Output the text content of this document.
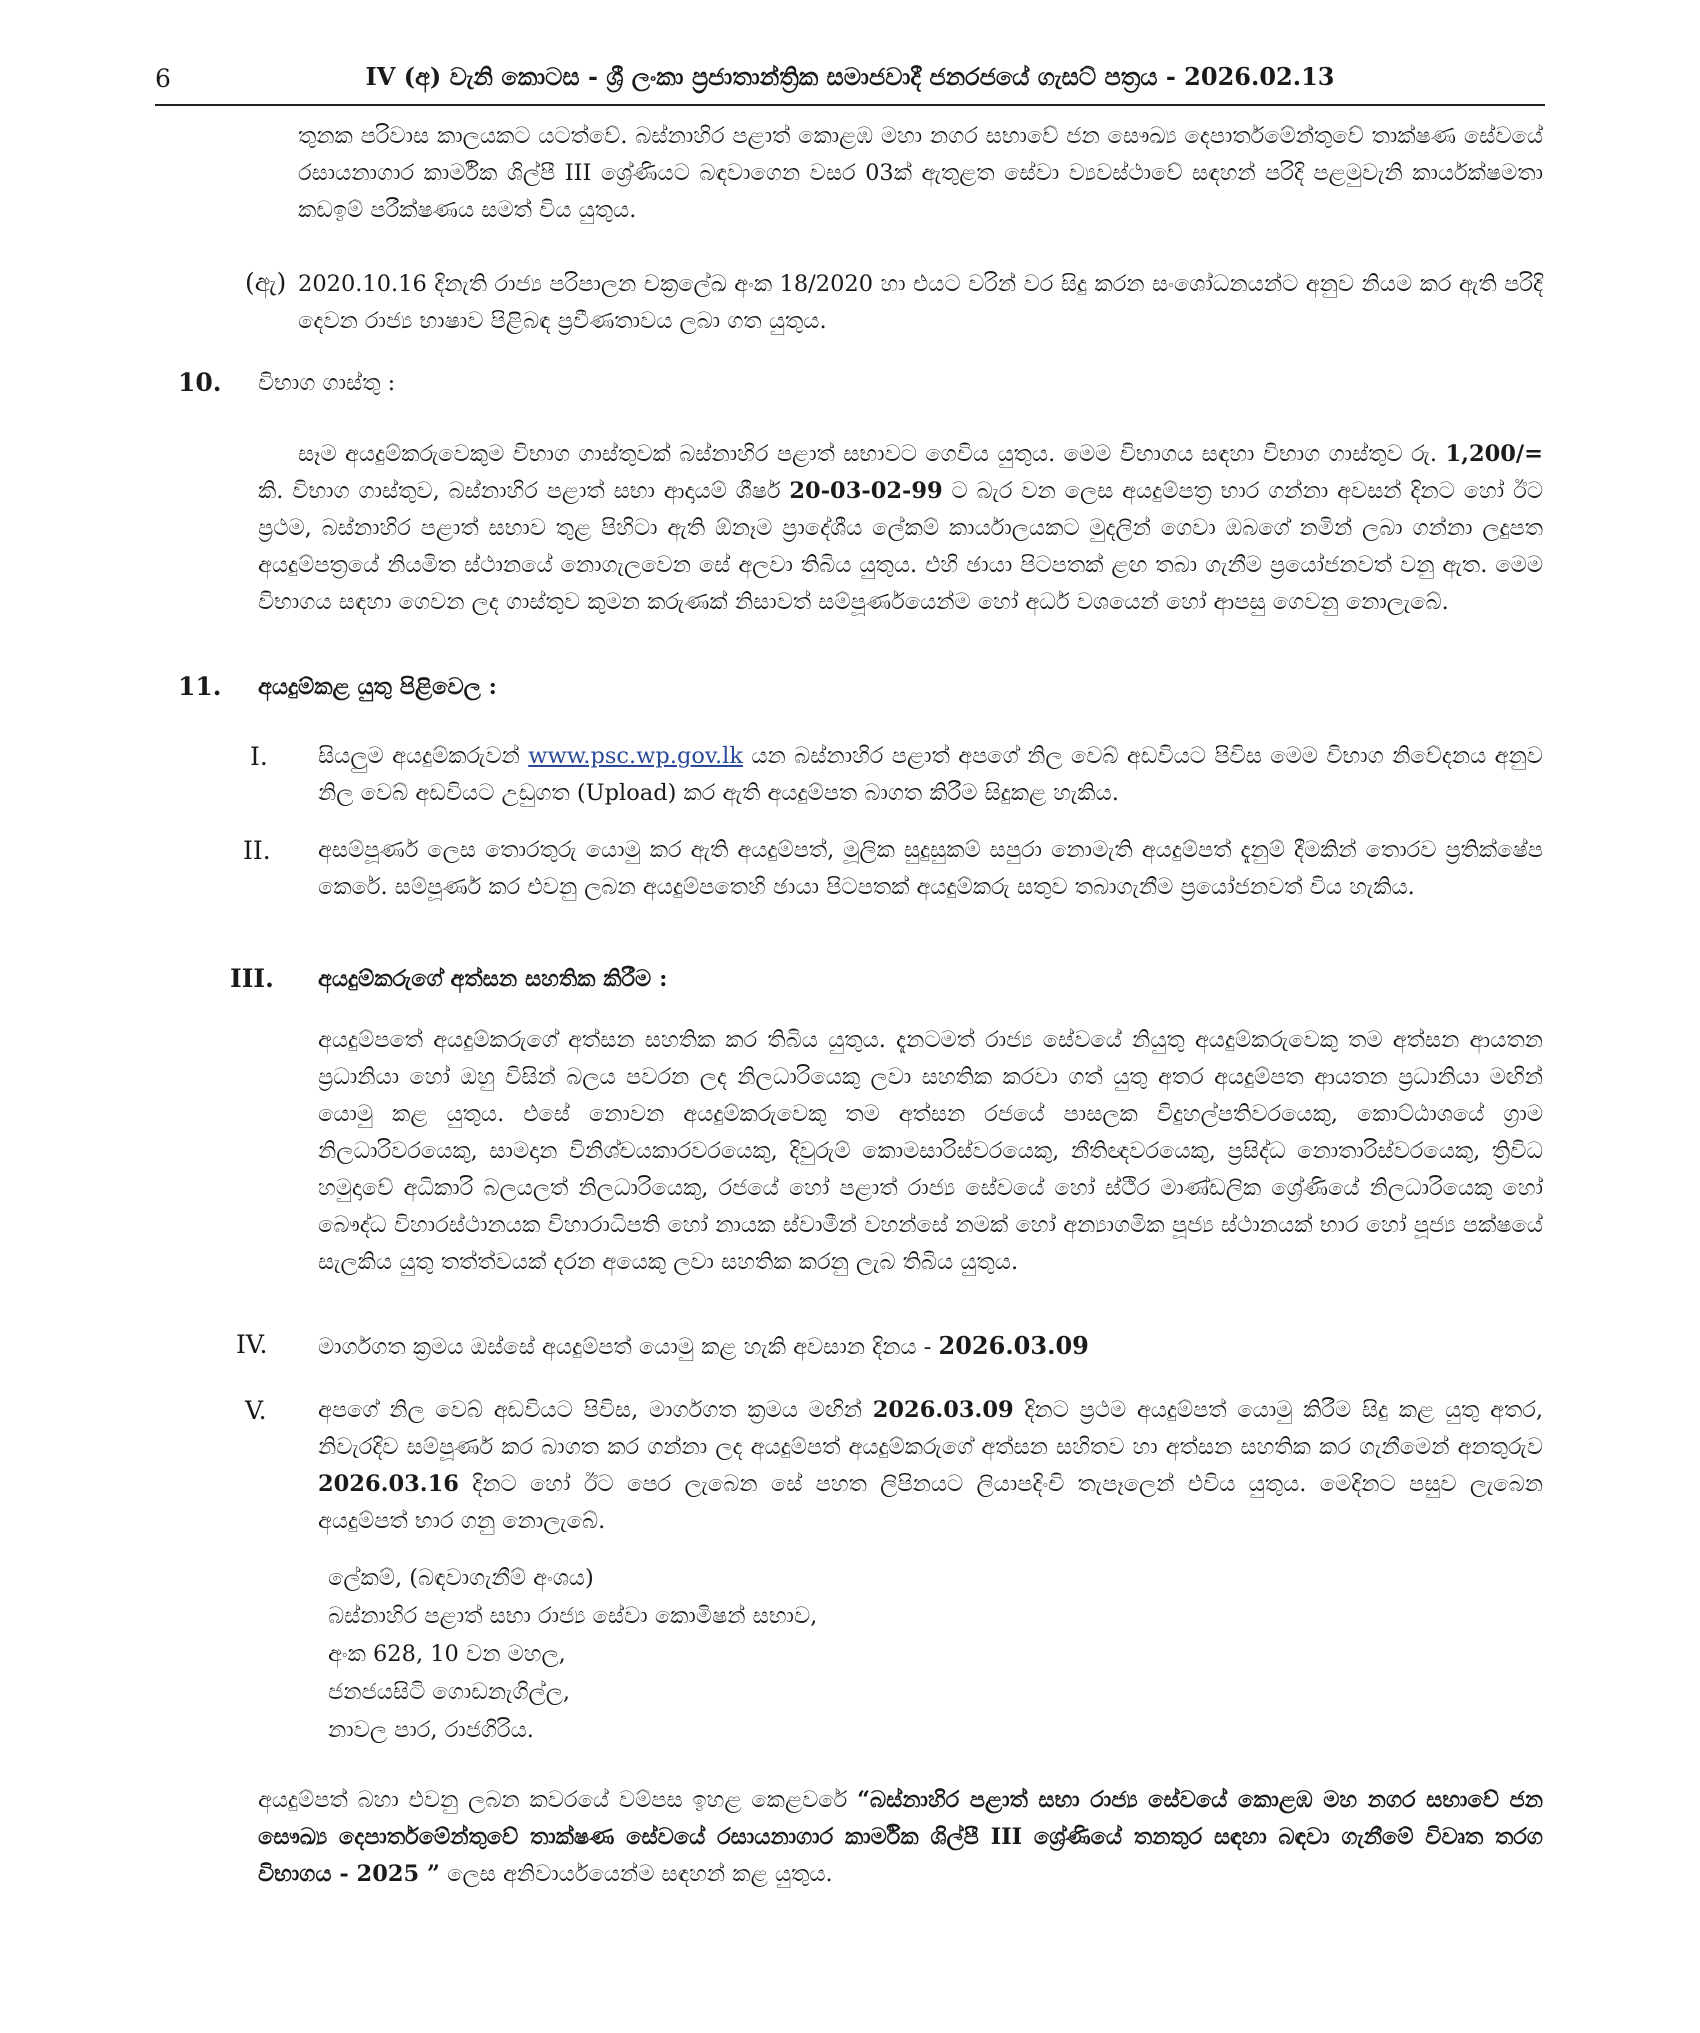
6	IV (අ) වැනි කොටස - ශ්‍රී ලංකා ප්‍රජාතාන්ත්‍රික සමාජවාදී ජනරජයේ ගැසට් පත්‍රය - 2026.02.13
තුනක පරිවාස කාලයකට යටත්වේ. බස්නාහිර පළාත් කොළඹ මහා නගර සභාවේ ජන සෞඛ්‍ය දෙපාර්තමේන්තුවේ තාක්ෂණ සේවයේ රසායනාගාර කාර්මික ශිල්පී III ශ්‍රේණියට බඳවාගෙන වසර 03ක් ඇතුළත සේවා ව්‍යවස්ථාවේ සඳහන් පරිදි පළමුවැනි කාර්යක්ෂමතා කඩඉම් පරීක්ෂණය සමත් විය යුතුය.
(ඇ) 2020.10.16 දිනැති රාජ්‍ය පරිපාලන චක්‍රලේඛ අංක 18/2020 හා එයට වරින් වර සිදු කරන සංශෝධනයන්ට අනුව නියම කර ඇති පරිදි දෙවන රාජ්‍ය භාෂාව පිළිබඳ ප්‍රවීණතාවය ලබා ගත යුතුය.
10. විභාග ගාස්තු :
සෑම අයදුම්කරුවෙකුම විභාග ගාස්තුවක් බස්නාහිර පළාත් සභාවට ගෙවිය යුතුය. මෙම විභාගය සඳහා විභාග ගාස්තුව රු. 1,200/= කි. විභාග ගාස්තුව, බස්නාහිර පළාත් සභා ආදායම් ශීර්ෂ 20-03-02-99 ට බැර වන ලෙස අයදුම්පත්‍ර භාර ගන්නා අවසන් දිනට හෝ ඊට ප්‍රථම, බස්නාහිර පළාත් සභාව තුළ පිහිටා ඇති ඕනෑම ප්‍රාදේශීය ලේකම් කාර්යාලයකට මුදලින් ගෙවා ඔබගේ නමින් ලබා ගන්නා ලදුපත අයදුම්පත්‍රයේ නියමිත ස්ථානයේ නොගැලවෙන සේ අලවා තිබිය යුතුය. එහි ඡායා පිටපතක් ළඟ තබා ගැනීම ප්‍රයෝජනවත් වනු ඇත. මෙම විභාගය සඳහා ගෙවන ලද ගාස්තුව කුමන කරුණක් නිසාවත් සම්පූර්ණයෙන්ම හෝ අර්ධ වශයෙන් හෝ ආපසු ගෙවනු නොලැබේ.
11. අයදුම්කළ යුතු පිළිවෙල :
I. සියලුම අයදුම්කරුවන් www.psc.wp.gov.lk යන බස්නාහිර පළාත් අපගේ නිල වෙබ් අඩවියට පිවිස මෙම විභාග නිවේදනය අනුව නිල වෙබ් අඩවියට උඩුගත (Upload) කර ඇති අයදුම්පත බාගත කිරීම සිදුකළ හැකිය.
II. අසම්පූර්ණ ලෙස තොරතුරු යොමු කර ඇති අයදුම්පත්, මූලික සුදුසුකම් සපුරා නොමැති අයදුම්පත් දැනුම් දීමකින් තොරව ප්‍රතික්ෂේප කෙරේ. සම්පූර්ණ කර එවනු ලබන අයදුම්පතෙහි ඡායා පිටපතක් අයදුම්කරු සතුව තබාගැනීම ප්‍රයෝජනවත් විය හැකිය.
III. අයදුම්කරුගේ අත්සන සහතික කිරීම :
අයදුම්පතේ අයදුම්කරුගේ අත්සන සහතික කර තිබිය යුතුය. දැනටමත් රාජ්‍ය සේවයේ නියුතු අයදුම්කරුවෙකු තම අත්සන ආයතන ප්‍රධානියා හෝ ඔහු විසින් බලය පවරන ලද නිලධාරියෙකු ලවා සහතික කරවා ගත් යුතු අතර අයදුම්පත ආයතන ප්‍රධානියා මඟින් යොමු කළ යුතුය. එසේ නොවන අයදුම්කරුවෙකු තම අත්සන රජයේ පාසලක විදුහල්පතිවරයෙකු, කොට්ඨාශයේ ග්‍රාම නිලධාරිවරයෙකු, සාමදාන විනිශ්චයකාරවරයෙකු, දිවුරුම් කොමසාරිස්වරයෙකු, නීතිඥවරයෙකු, ප්‍රසිද්ධ නොතාරිස්වරයෙකු, ත්‍රිවිධ හමුදාවේ අධිකාරි බලයලත් නිලධාරියෙකු, රජයේ හෝ පළාත් රාජ්‍ය සේවයේ හෝ ස්ථිර මාණ්ඩලික ශ්‍රේණියේ නිලධාරියෙකු හෝ බෞද්ධ විහාරස්ථානයක විහාරාධිපති හෝ නායක ස්වාමීන් වහන්සේ නමක් හෝ අන්‍යාගමික පූජ්‍ය ස්ථානයක් භාර හෝ පූජ්‍ය පක්ෂයේ සැලකිය යුතු තත්ත්වයක් දරන අයෙකු ලවා සහතික කරනු ලැබ තිබිය යුතුය.
IV. මාර්ගගත ක්‍රමය ඔස්සේ අයදුම්පත් යොමු කළ හැකි අවසාන දිනය - 2026.03.09
V. අපගේ නිල වෙබ් අඩවියට පිවිස, මාර්ගගත ක්‍රමය මඟින් 2026.03.09 දිනට ප්‍රථම අයදුම්පත් යොමු කිරීම සිදු කළ යුතු අතර, නිවැරදිව සම්පූර්ණ කර බාගත කර ගන්නා ලද අයදුම්පත් අයදුම්කරුගේ අත්සන සහිතව හා අත්සන සහතික කර ගැනීමෙන් අනතුරුව 2026.03.16 දිනට හෝ ඊට පෙර ලැබෙන සේ පහත ලිපිනයට ලියාපදිංචි තැපෑලෙන් එවිය යුතුය. මෙදිනට පසුව ලැබෙන අයදුම්පත් භාර ගනු නොලැබේ.
ලේකම්, (බඳවාගැනීම් අංශය)
බස්නාහිර පළාත් සභා රාජ්‍ය සේවා කොමිෂන් සභාව,
අංක 628, 10 වන මහල,
ජනජයසිටි ගොඩනැගිල්ල,
නාවල පාර, රාජගිරිය.
අයදුම්පත් බහා එවනු ලබන කවරයේ වම්පස ඉහළ කෙළවරේ “බස්නාහිර පළාත් සභා රාජ්‍ය සේවයේ කොළඹ මහ නගර සභාවේ ජන සෞඛ්‍ය දෙපාර්තමේන්තුවේ තාක්ෂණ සේවයේ රසායනාගාර කාර්මික ශිල්පී III ශ්‍රේණියේ තනතුර සඳහා බඳවා ගැනීමේ විවෘත තරග විභාගය - 2025 ” ලෙස අනිවාර්යයෙන්ම සඳහන් කළ යුතුය.
